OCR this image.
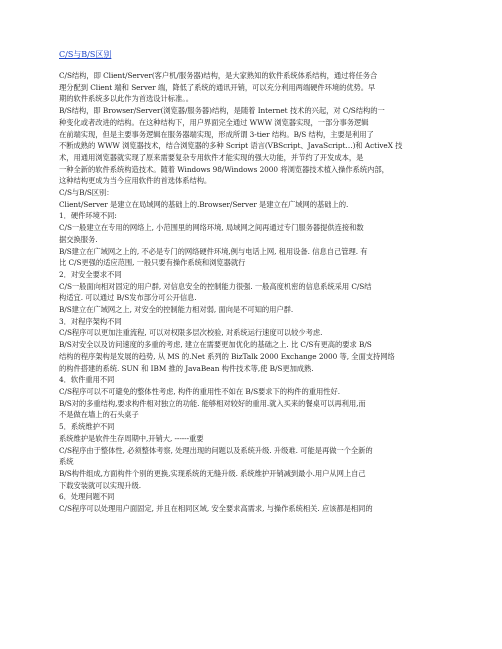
C/S与B/S区别
C/S结构，即 Client/Server(客户机/服务器)结构，是大家熟知的软件系统体系结构，通过将任务合
理分配到 Client 端和 Server 端，降低了系统的通讯开销，可以充分利用两端硬件环境的优势。早
期的软件系统多以此作为首选设计标准。。
B/S结构，即 Browser/Server(浏览器/服务器)结构，是随着 Internet 技术的兴起，对 C/S结构的一
种变化或者改进的结构。在这种结构下，用户界面完全通过 WWW 浏览器实现，一部分事务逻辑
在前端实现，但是主要事务逻辑在服务器端实现，形成所谓 3-tier 结构。B/S 结构，主要是利用了
不断成熟的 WWW 浏览器技术，结合浏览器的多种 Script 语言(VBScript、JavaScript…)和 ActiveX 技
术，用通用浏览器就实现了原来需要复杂专用软件才能实现的强大功能，并节约了开发成本，是
一种全新的软件系统构造技术。随着 Windows 98/Windows 2000 将浏览器技术植入操作系统内部，
这种结构更成为当今应用软件的首选体系结构。
C/S与B/S区别：
Client/Server 是建立在局域网的基础上的.Browser/Server 是建立在广域网的基础上的.
1．硬件环境不同:
C/S一般建立在专用的网络上, 小范围里的网络环境, 局域网之间再通过专门服务器提供连接和数
据交换服务.
B/S建立在广域网之上的, 不必是专门的网络硬件环境,例与电话上网, 租用设备. 信息自己管理. 有
比 C/S更强的适应范围, 一般只要有操作系统和浏览器就行
2．对安全要求不同
C/S一般面向相对固定的用户群, 对信息安全的控制能力很强. 一般高度机密的信息系统采用 C/S结
构适宜. 可以通过 B/S发布部分可公开信息.
B/S建立在广域网之上, 对安全的控制能力相对弱, 面向是不可知的用户群.
3．对程序架构不同
C/S程序可以更加注重流程, 可以对权限多层次校验, 对系统运行速度可以较少考虑.
B/S对安全以及访问速度的多重的考虑, 建立在需要更加优化的基础之上. 比 C/S有更高的要求 B/S
结构的程序架构是发展的趋势, 从 MS 的.Net 系列的 BizTalk 2000 Exchange 2000 等, 全面支持网络
的构件搭建的系统. SUN 和 IBM 推的 JavaBean 构件技术等,使 B/S更加成熟.
4．软件重用不同
C/S程序可以不可避免的整体性考虑, 构件的重用性不如在 B/S要求下的构件的重用性好.
B/S对的多重结构,要求构件相对独立的功能. 能够相对较好的重用.就入买来的餐桌可以再利用,而
不是做在墙上的石头桌子
5．系统维护不同
系统维护是软件生存周期中,开销大, ------重要
C/S程序由于整体性, 必须整体考察, 处理出现的问题以及系统升级. 升级难. 可能是再做一个全新的
系统
B/S构件组成,方面构件个别的更换,实现系统的无缝升级. 系统维护开销减到最小.用户从网上自己
下载安装就可以实现升级.
6．处理问题不同
C/S程序可以处理用户面固定, 并且在相同区域, 安全要求高需求, 与操作系统相关. 应该都是相同的
